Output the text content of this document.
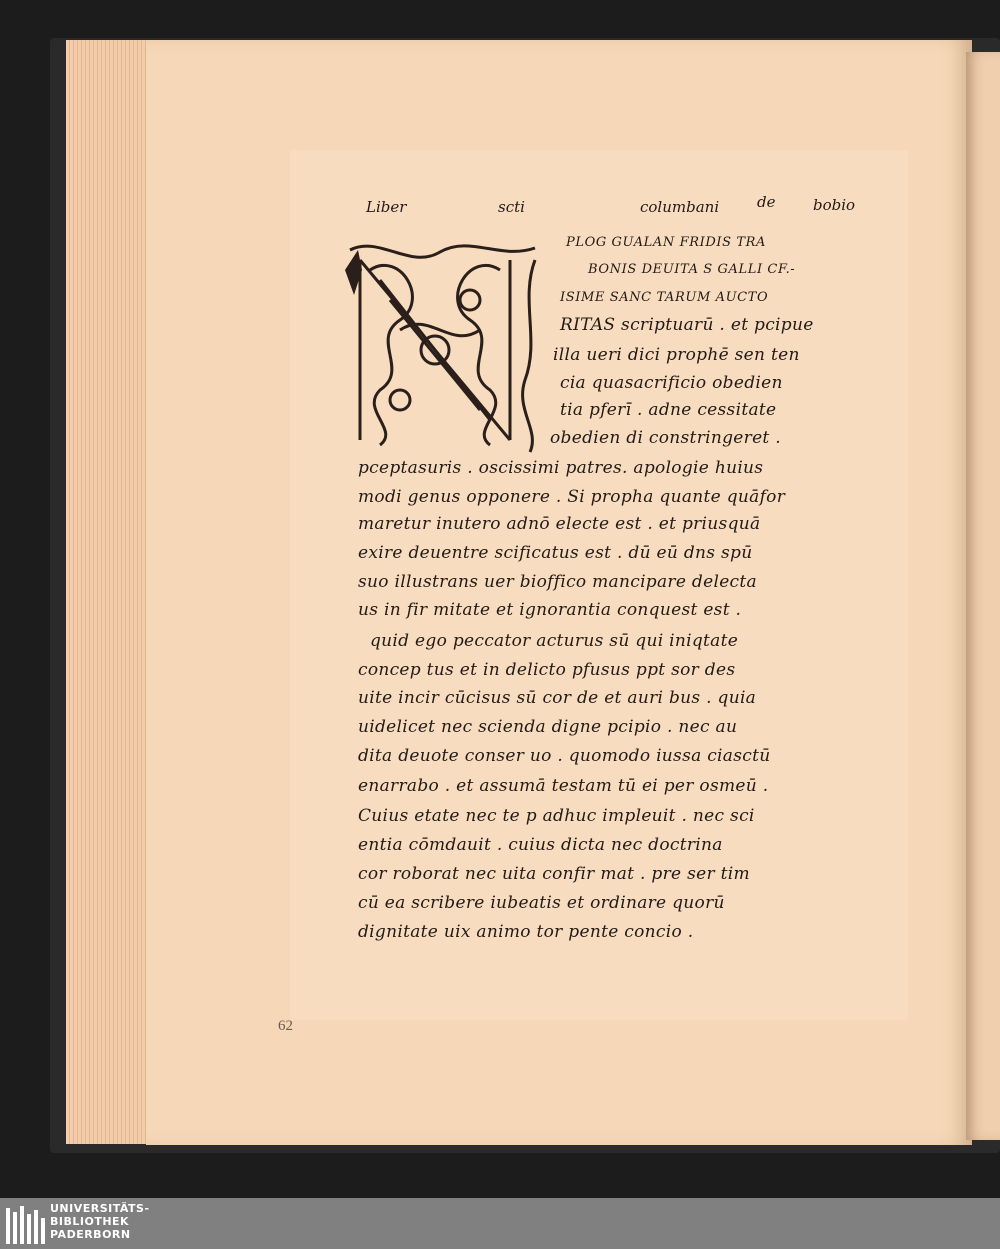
Liber	scti	columbani	de	bobio

PLOG GUALAN FRIDIS TRA

BONIS DEUITA S GALLI CF.-

ISIME SANC TARUM AUCTO

RITAS scriptuarū . et pcipue

illa ueri dici prophē sen ten

cia quasacrificio obedien

tia pferī . adne cessitate

obedien di constringeret .

pceptasuris . oscissimi patres. apologie huius

modi genus opponere . Si propha quante quāfor

maretur inutero adnō electe est . et priusquā

exire deuentre scificatus est . dū eū dns spū

suo illustrans uer bioffico mancipare delecta

us in fir mitate et ignorantia conquest est .

quid ego peccator acturus sū qui iniqtate

concep tus et in delicto pfusus ppt sor des

uite incir cūcisus sū cor de et auri bus . quia

uidelicet nec scienda digne pcipio . nec au

dita deuote conser uo . quomodo iussa ciasctū

enarrabo . et assumā testam tū ei per osmeū .

Cuius etate nec te p adhuc impleuit . nec sci

entia cōmdauit . cuius dicta nec doctrina

cor roborat nec uita confir mat . pre ser tim

cū ea scribere iubeatis et ordinare quorū

dignitate uix animo tor pente concio .

62
UNIVERSITÄTS-
BIBLIOTHEK
PADERBORN
